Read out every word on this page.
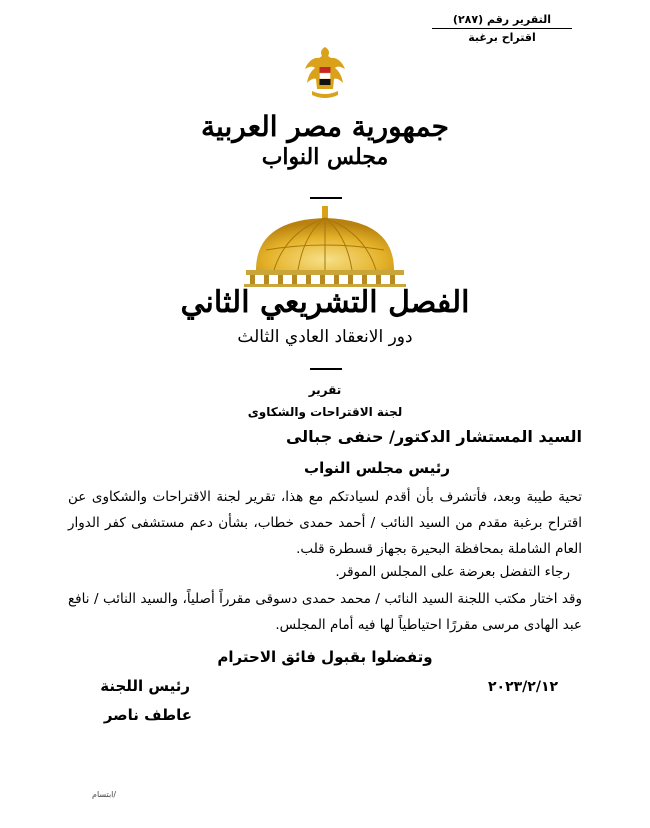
التقرير رقم (٢٨٧)
اقتراح برغبة
جمهورية مصر العربية
مجلس النواب
الفصل التشريعي الثاني
دور الانعقاد العادي الثالث
تقرير
لجنة الاقتراحات والشكاوى
السيد المستشار الدكتور/ حنفى جبالى
رئيس مجلس النواب
تحية طيبة وبعد، فأتشرف بأن أقدم لسيادتكم مع هذا، تقرير لجنة الاقتراحات والشكاوى عن اقتراح برغبة مقدم من السيد النائب / أحمد حمدى خطاب، بشأن دعم مستشفى كفر الدوار العام الشاملة بمحافظة البحيرة بجهاز قسطرة قلب.
رجاء التفضل بعرضة على المجلس الموقر.
وقد اختار مكتب اللجنة السيد النائب / محمد حمدى دسوقى مقرراً أصلياً، والسيد النائب / نافع عبد الهادى مرسى مقررًا احتياطياً لها فيه أمام المجلس.
وتفضلوا بقبول فائق الاحترام
رئيس اللجنة	٢٠٢٣/٢/١٢
عاطف ناصر
/ابتسام
